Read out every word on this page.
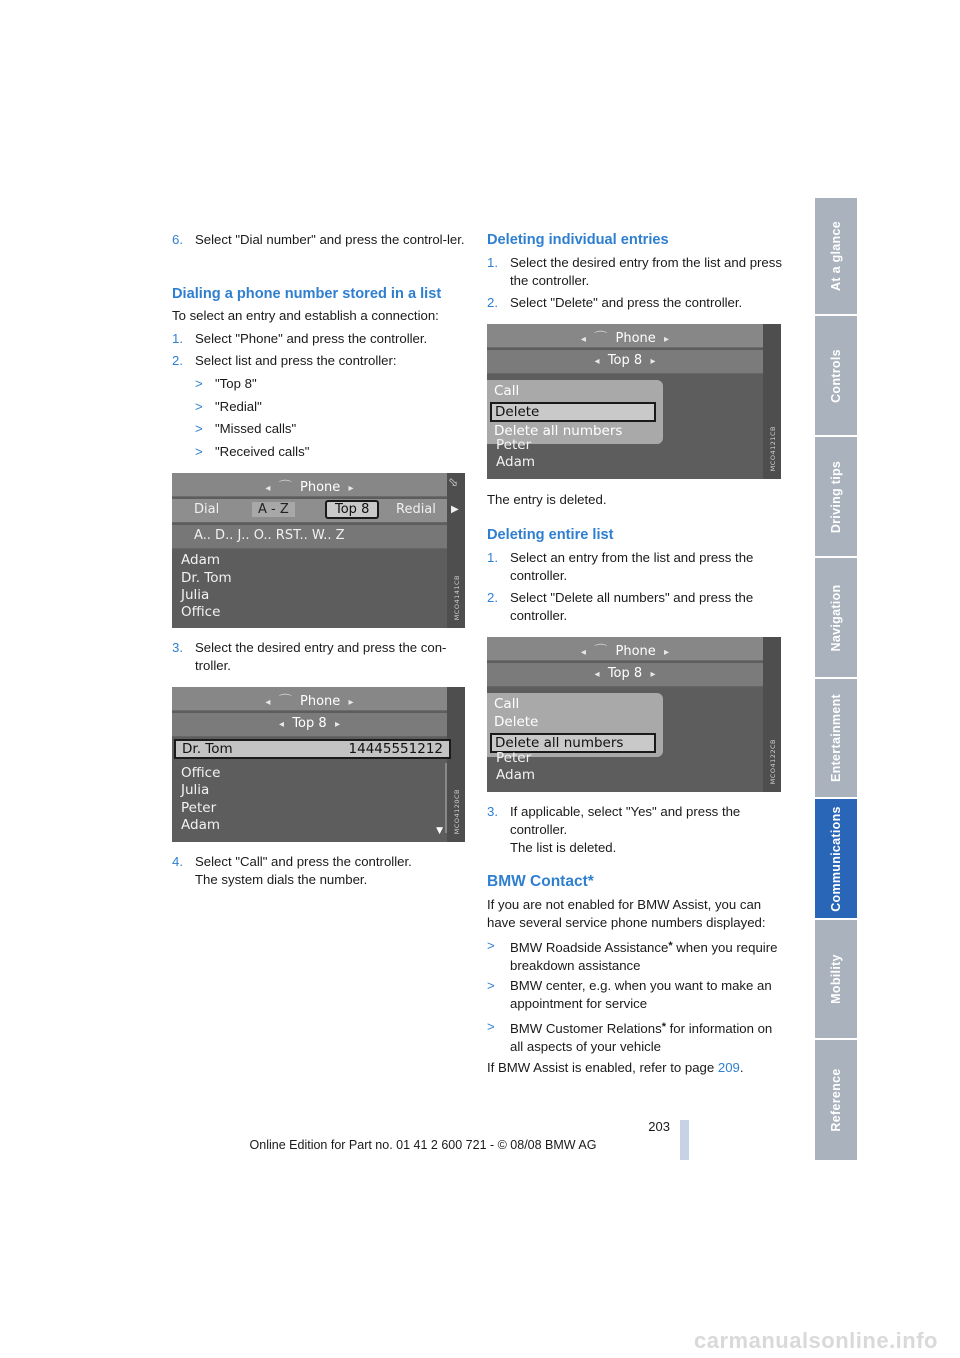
6. Select "Dial number" and press the control-ler.
Dialing a phone number stored in a list
To select an entry and establish a connection:
1. Select "Phone" and press the controller.
2. Select list and press the controller:
> "Top 8"
> "Redial"
> "Missed calls"
> "Received calls"
⬂
◂ ⌒ Phone ▸
Dial	A - Z	Top 8	Redial ▶
A.. D.. J.. O.. RST.. W.. Z
Adam
Dr. Tom
Julia
Office	MCO4141CB
3. Select the desired entry and press the con-troller.
◂ ⌒ Phone ▸
◂ Top 8 ▸
Dr. Tom	14445551212
Office
Julia
Peter
Adam	▼ MCO4120CB
4. Select "Call" and press the controller.
The system dials the number.
Deleting individual entries
1. Select the desired entry from the list and press the controller.
2. Select "Delete" and press the controller.
◂ ⌒ Phone ▸
◂ Top 8 ▸
Call
Delete
Delete all numbers
Peter
Adam	MCO4121CB
The entry is deleted.
Deleting entire list
1. Select an entry from the list and press the controller.
2. Select "Delete all numbers" and press the controller.
◂ ⌒ Phone ▸
◂ Top 8 ▸
Call
Delete
Delete all numbers
Peter
Adam	MCO4122CB
3. If applicable, select "Yes" and press the controller.
The list is deleted.
BMW Contact*
If you are not enabled for BMW Assist, you can have several service phone numbers displayed:
>	BMW Roadside Assistance* when you require breakdown assistance
>	BMW center, e.g. when you want to make an appointment for service
>	BMW Customer Relations* for information on all aspects of your vehicle
If BMW Assist is enabled, refer to page 209.
At a glance
Controls
Driving tips
Navigation
Entertainment
Communications
Mobility
Reference
203
Online Edition for Part no. 01 41 2 600 721 - © 08/08 BMW AG
carmanualsonline.info
